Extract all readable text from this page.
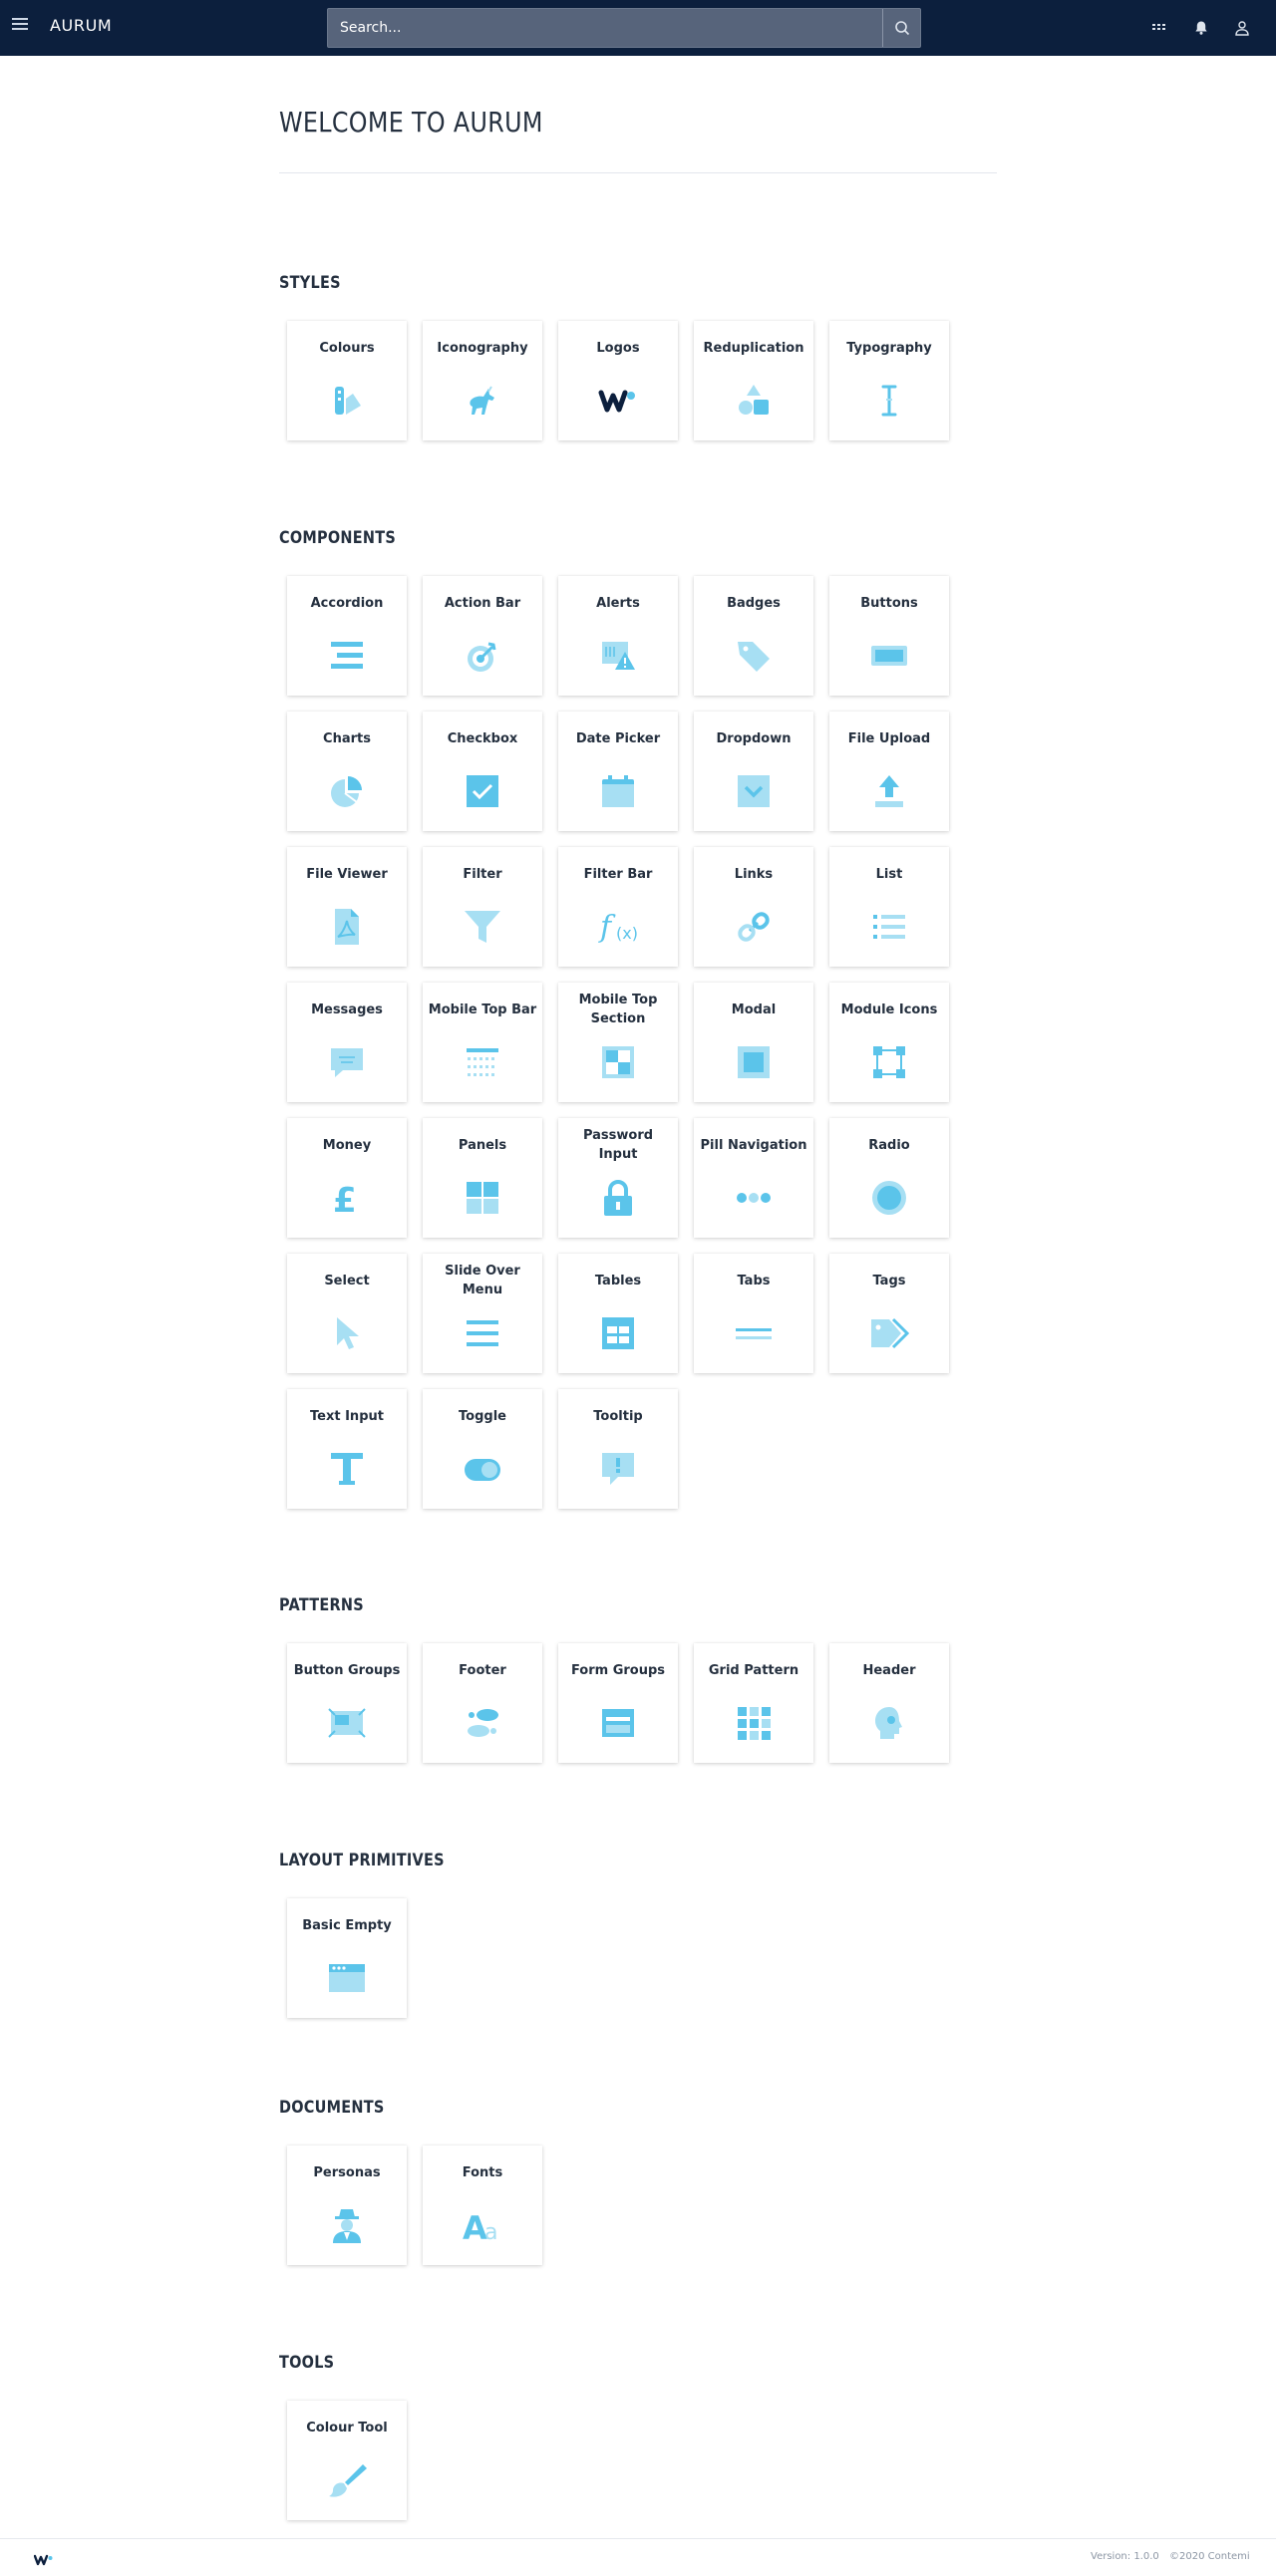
AURUM
Search...
WELCOME TO AURUM
STYLES
Colours	Iconography	Logos	Reduplication	Typography
COMPONENTS
Accordion	Action Bar	Alerts	Badges	Buttons
Charts	Checkbox	Date Picker	Dropdown	File Upload
File Viewer	Filter	Filter Bar
f (x)
Links	List
Messages	Mobile Top Bar
Mobile Top Section
Modal	Module Icons
Money
£
Panels
Password Input
Pill Navigation	Radio
Select
Slide Over Menu
Tables	Tabs	Tags
Text Input	Toggle	Tooltip
PATTERNS
Button Groups	Footer	Form Groups	Grid Pattern	Header
LAYOUT PRIMITIVES
Basic Empty
DOCUMENTS
Personas	Fonts
A
a
TOOLS
Colour Tool
Version: 1.0.0 ©2020 Contemi
